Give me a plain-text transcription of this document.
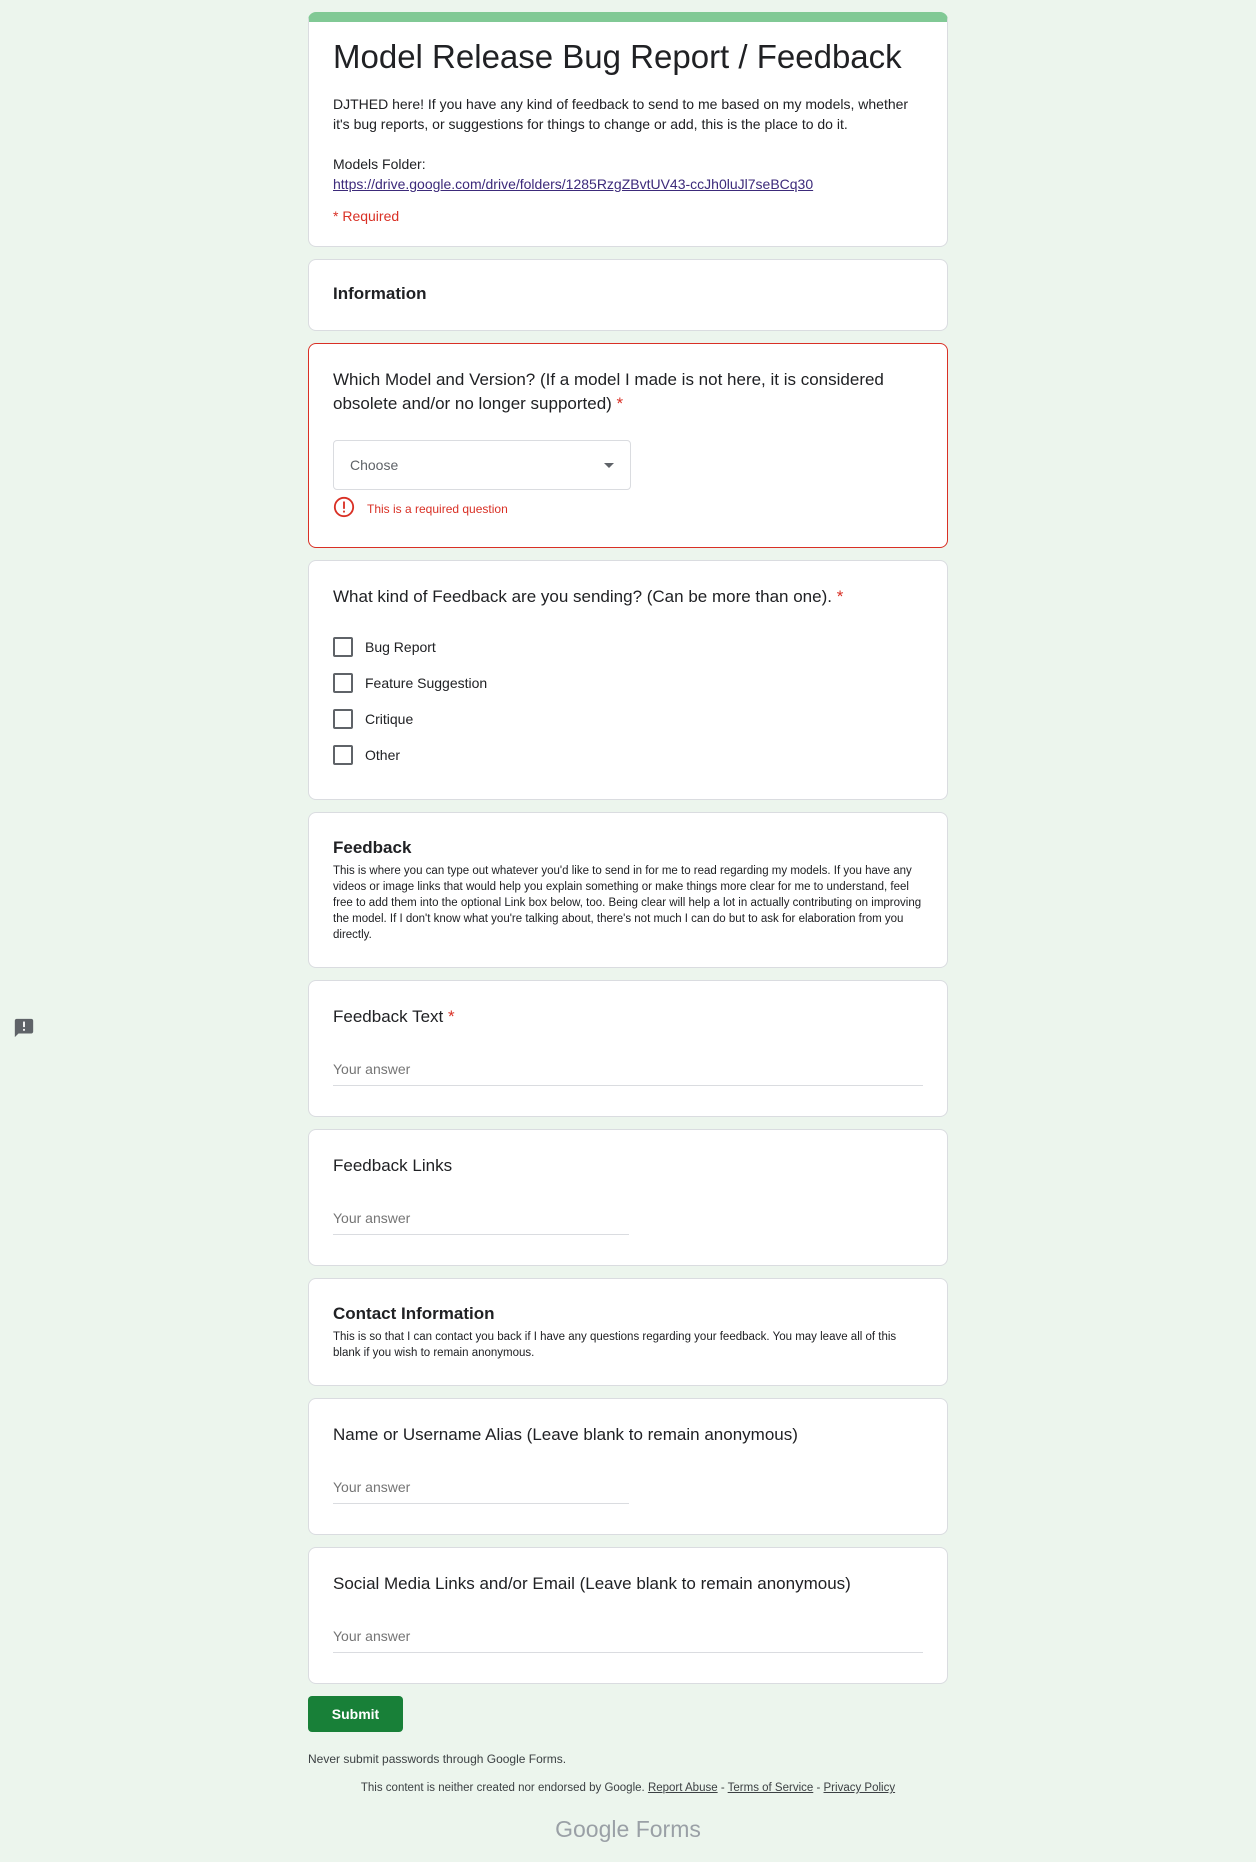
Model Release Bug Report / Feedback

DJTHED here! If you have any kind of feedback to send to me based on my models, whether it's bug reports, or suggestions for things to change or add, this is the place to do it.

Models Folder:

https://drive.google.com/drive/folders/1285RzgZBvtUV43-ccJh0luJl7seBCq30

* Required
Information
Which Model and Version? (If a model I made is not here, it is considered obsolete and/or no longer supported) *
Choose
This is a required question
What kind of Feedback are you sending? (Can be more than one). *
Bug Report
Feature Suggestion
Critique
Other
Feedback

This is where you can type out whatever you'd like to send in for me to read regarding my models. If you have any videos or image links that would help you explain something or make things more clear for me to understand, feel free to add them into the optional Link box below, too. Being clear will help a lot in actually contributing on improving the model. If I don't know what you're talking about, there's not much I can do but to ask for elaboration from you directly.

Feedback Text *
Your answer
Feedback Links
Your answer
Contact Information

This is so that I can contact you back if I have any questions regarding your feedback. You may leave all of this blank if you wish to remain anonymous.

Name or Username Alias (Leave blank to remain anonymous)
Your answer
Social Media Links and/or Email (Leave blank to remain anonymous)
Your answer
Submit
Never submit passwords through Google Forms.
This content is neither created nor endorsed by Google. Report Abuse - Terms of Service - Privacy Policy
Google Forms
